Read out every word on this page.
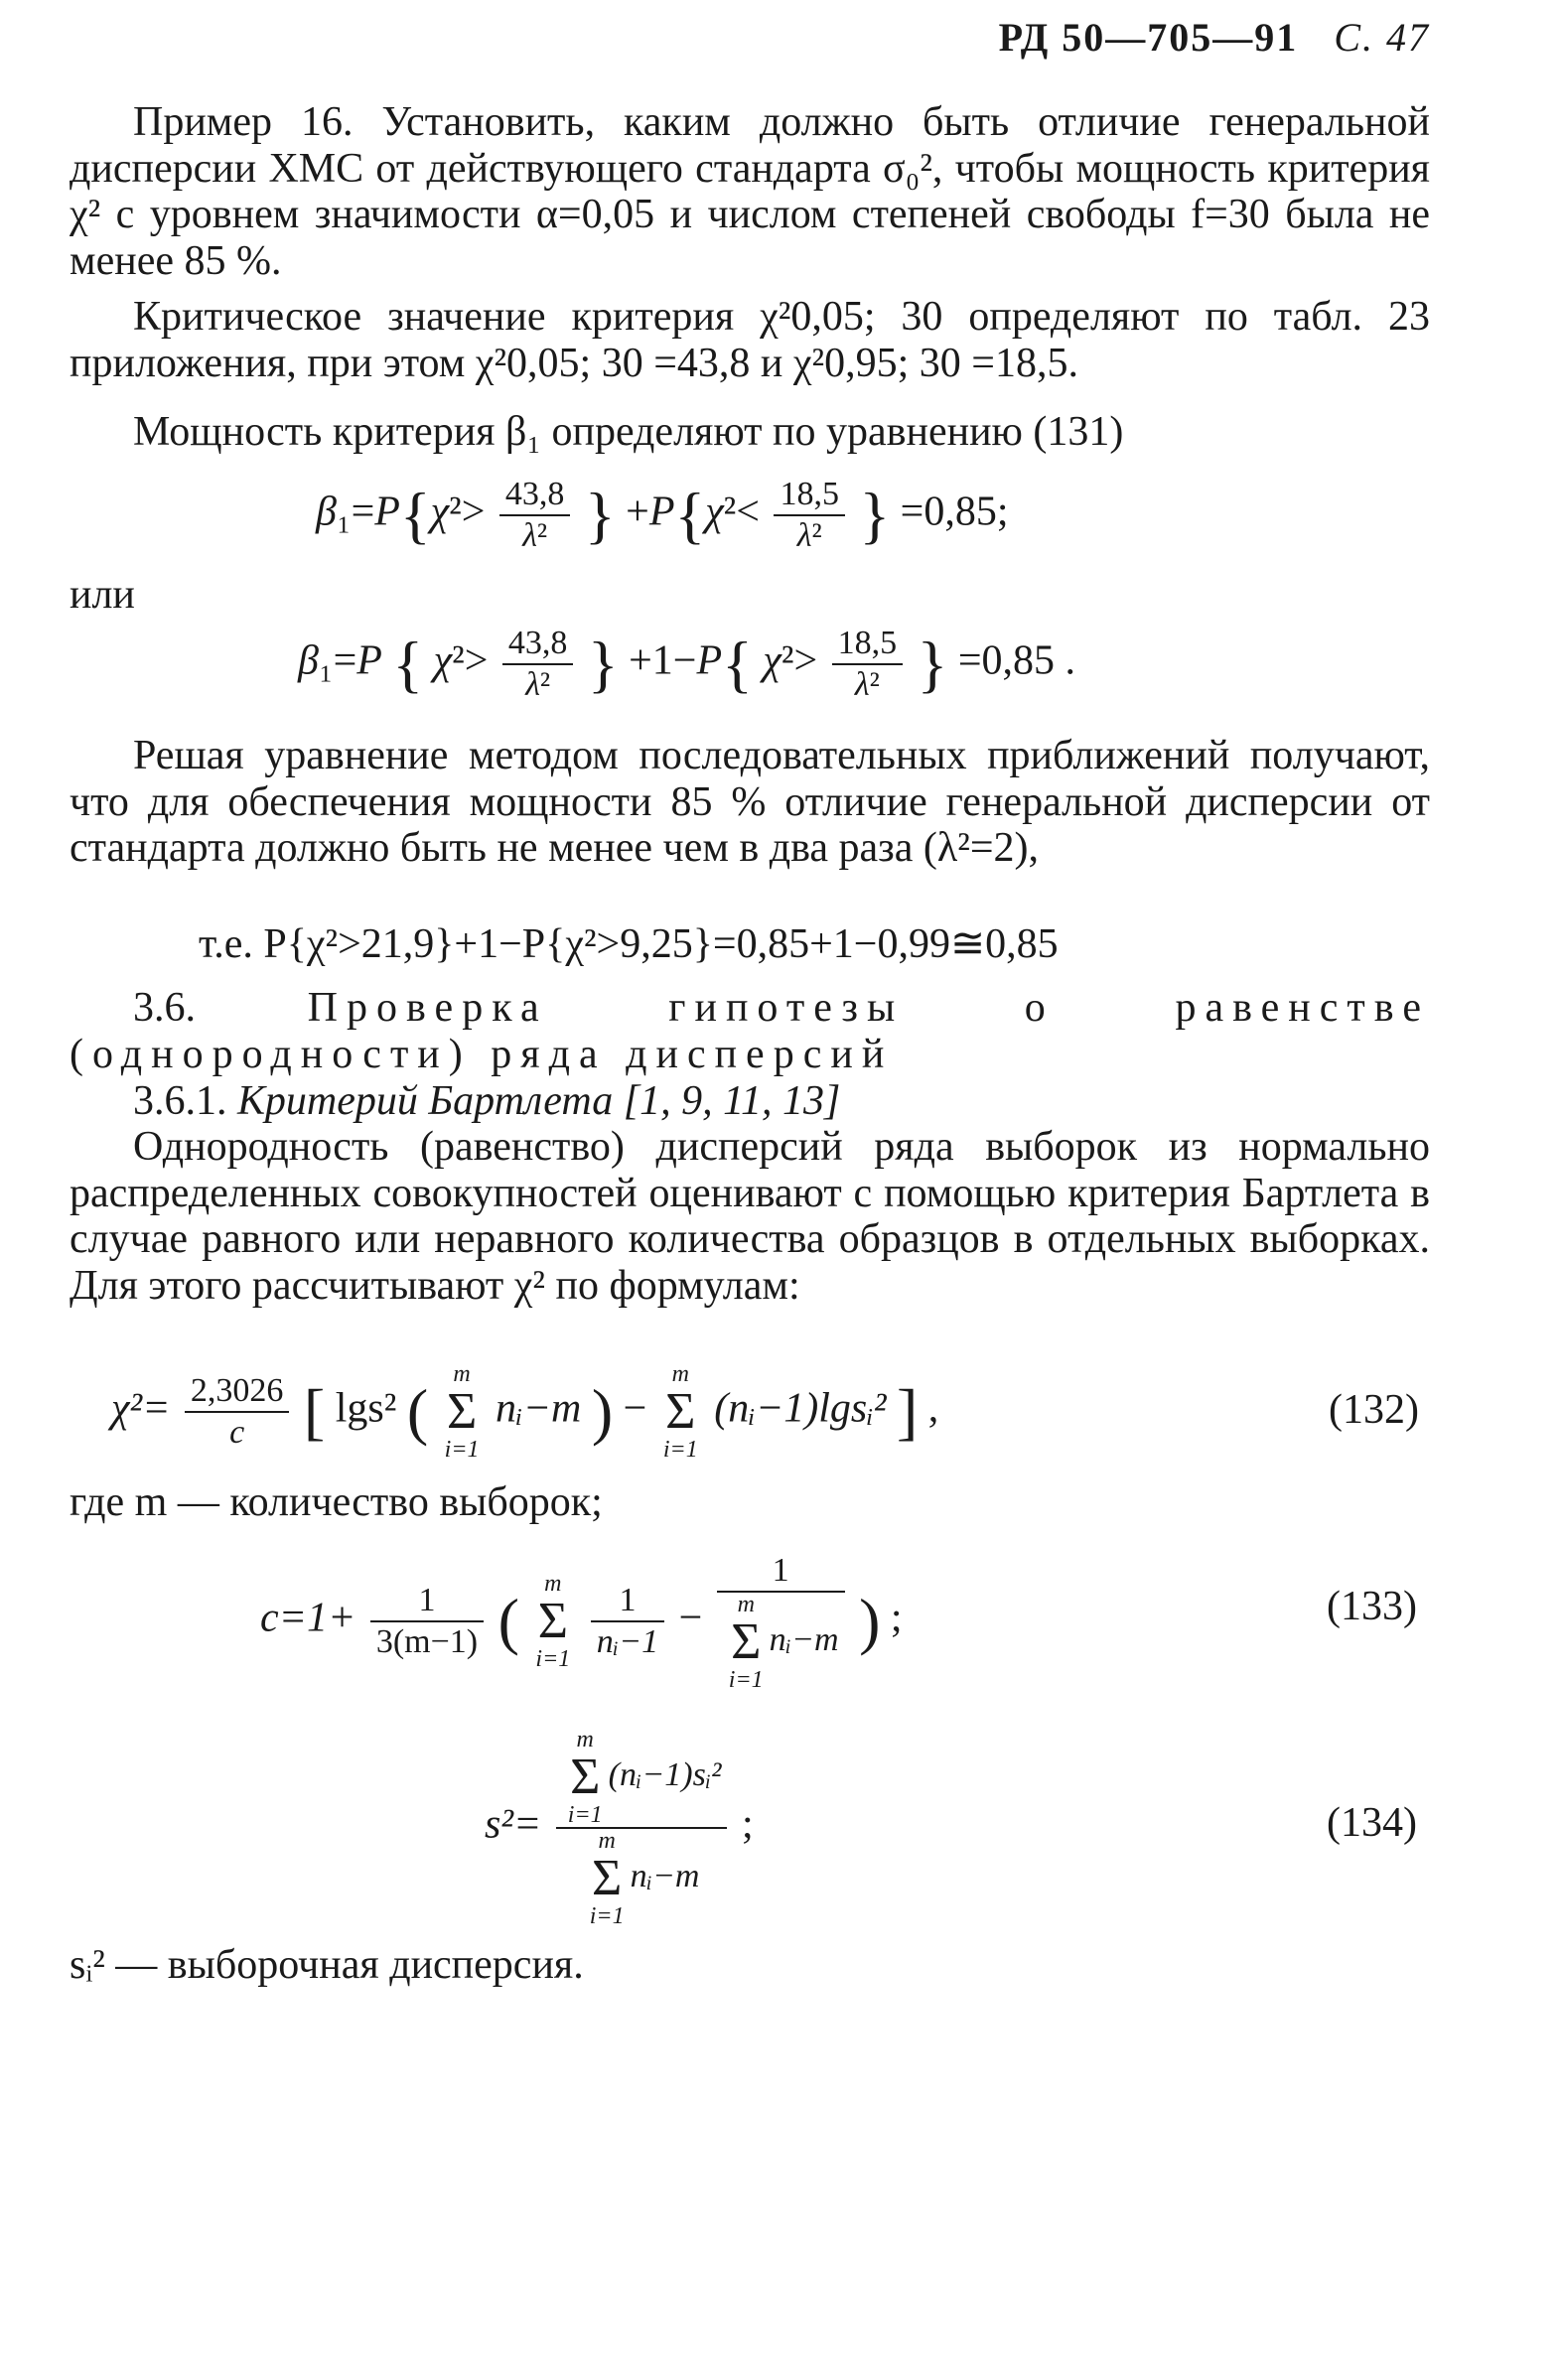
РД 50—705—91 С. 47
Пример 16. Установить, каким должно быть отличие генеральной дисперсии ХМС от действующего стандарта σ₀², чтобы мощность критерия χ² с уровнем значимости α=0,05 и числом степеней свободы f=30 была не менее 85 %.
Критическое значение критерия χ²0,05; 30 определяют по табл. 23 приложения, при этом χ²0,05; 30 =43,8 и χ²0,95; 30 =18,5.
Мощность критерия β₁ определяют по уравнению (131)
$\beta_1=P\{\chi^2> \frac{43,8}{\text{λ²}}$ } $+P\{\chi^2< \frac{18,5}{\text{λ²}}$ } =0,85;
или
β₁=P { $\chi^2> \frac{43,8}{\text{λ²}}$ } +1−P{ $\chi^2> \frac{18,5}{\text{λ²}}$ } =0,85 .
Решая уравнение методом последовательных приближений получают, что для обеспечения мощности 85 % отличие генеральной дисперсии от стандарта должно быть не менее чем в два раза (λ²=2),
т.е. P{χ²>21,9}+1−P{χ²>9,25}=0,85+1−0,99≅0,85
3.6.	Проверка гипотезы о равенстве (однородности) ряда дисперсий
3.6.1. Критерий Бартлета [1, 9, 11, 13]
Однородность (равенство) дисперсий ряда выборок из нормально распределенных совокупностей оценивают с помощью критерия Бартлета в случае равного или неравного количества образцов в отдельных выборках. Для этого рассчитывают χ² по формулам:
$\chi^2= \frac{2,3026}{c}$ [ lgs² (
m
Σ
i=1
nᵢ−m ) −
m
Σ
i=1
(nᵢ−1)lgsᵢ² ] ,	(132)
где m — количество выборок;
$c=1+ \frac{1}{3(m-1)}$ (
m
Σ
i=1
$\frac{1}{\text{nᵢ−1}}$ −
1
m
Σ
i=1
nᵢ−m ) ;	(133)
s²=
m
Σ
i=1
(nᵢ−1)sᵢ²
m
Σ
i=1
nᵢ−m
;	(134)
sᵢ² — выборочная дисперсия.
